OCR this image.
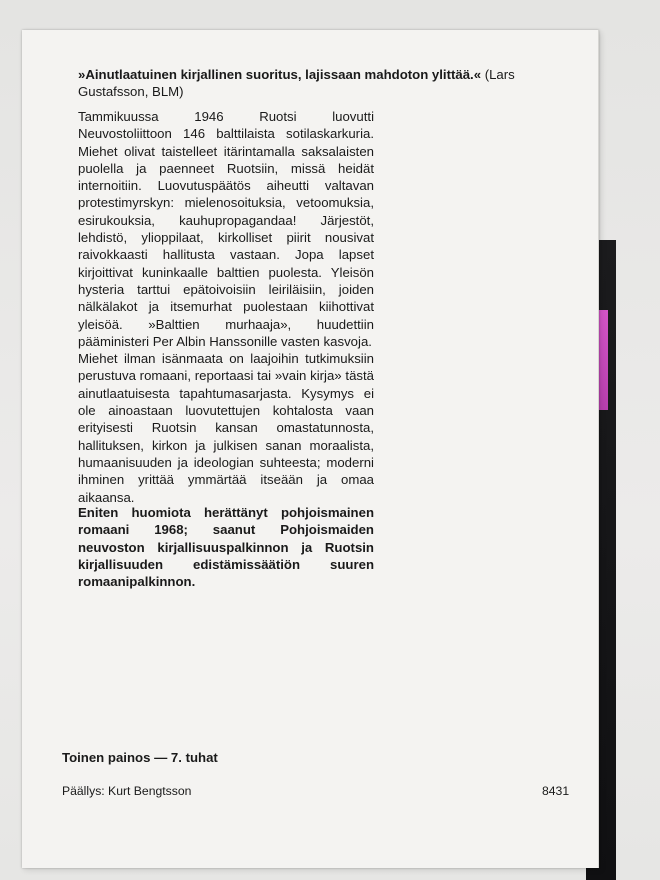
»Ainutlaatuinen kirjallinen suoritus, lajissaan mahdoton ylittää.« (Lars Gustafsson, BLM)

Tammikuussa 1946 Ruotsi luovutti Neuvostoliittoon 146 balttilaista sotilaskarkuria. Miehet olivat taistelleet itärintamalla saksalaisten puolella ja paenneet Ruotsiin, missä heidät internoitiin. Luovutuspäätös aiheutti valtavan protestimyrskyn: mielenosoituksia, vetoomuksia, esirukouksia, kauhupropagandaa! Järjestöt, lehdistö, ylioppilaat, kirkolliset piirit nousivat raivokkaasti hallitusta vastaan. Jopa lapset kirjoittivat kuninkaalle balttien puolesta. Yleisön hysteria tarttui epätoivoisiin leiriläisiin, joiden nälkälakot ja itsemurhat puolestaan kiihottivat yleisöä. »Balttien murhaaja», huudettiin pääministeri Per Albin Hanssonille vasten kasvoja.

Miehet ilman isänmaata on laajoihin tutkimuksiin perustuva romaani, reportaasi tai »vain kirja» tästä ainutlaatuisesta tapahtumasarjasta. Kysymys ei ole ainoastaan luovutettujen kohtalosta vaan erityisesti Ruotsin kansan omastatunnosta, hallituksen, kirkon ja julkisen sanan moraalista, humaanisuuden ja ideologian suhteesta; moderni ihminen yrittää ymmärtää itseään ja omaa aikaansa.

Eniten huomiota herättänyt pohjoismainen romaani 1968; saanut Pohjoismaiden neuvoston kirjallisuuspalkinnon ja Ruotsin kirjallisuuden edistämissäätiön suuren romaanipalkinnon.
Toinen painos — 7. tuhat
Päällys: Kurt Bengtsson	8431
